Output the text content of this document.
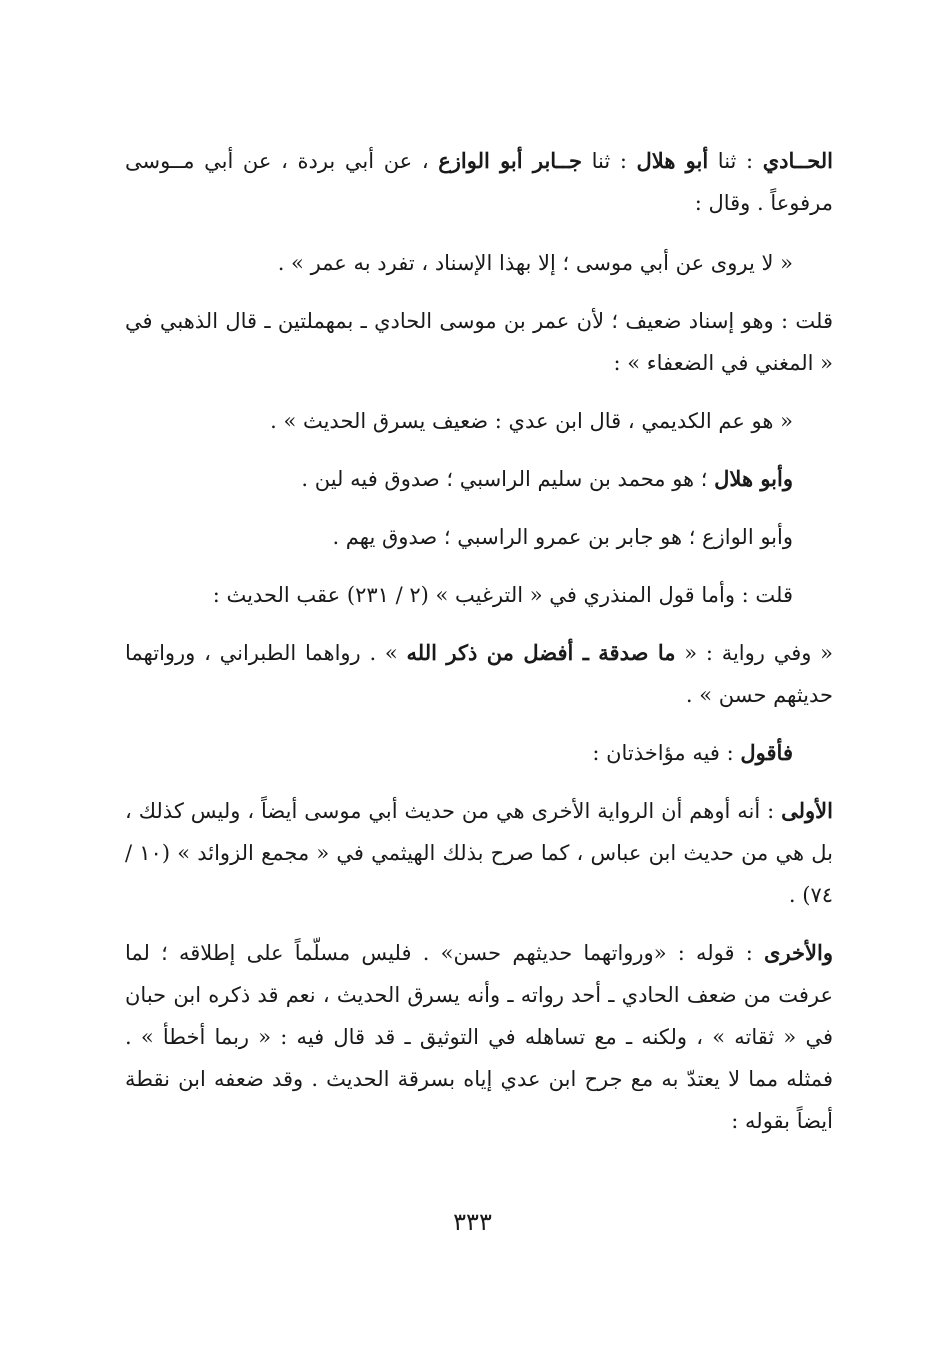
الحــادي : ثنا أبو هلال : ثنا جــابر أبو الوازع ، عن أبي بردة ، عن أبي مــوسى مرفوعاً . وقال :

« لا يروى عن أبي موسى ؛ إلا بهذا الإسناد ، تفرد به عمر » .

قلت : وهو إسناد ضعيف ؛ لأن عمر بن موسى الحادي ـ بمهملتين ـ قال الذهبي في « المغني في الضعفاء » :

« هو عم الكديمي ، قال ابن عدي : ضعيف يسرق الحديث » .

وأبو هلال ؛ هو محمد بن سليم الراسبي ؛ صدوق فيه لين .

وأبو الوازع ؛ هو جابر بن عمرو الراسبي ؛ صدوق يهم .

قلت : وأما قول المنذري في « الترغيب » (٢ / ٢٣١) عقب الحديث :

« وفي رواية : « ما صدقة ـ أفضل من ذكر الله » . رواهما الطبراني ، ورواتهما حديثهم حسن » .

فأقول : فيه مؤاخذتان :

الأولى : أنه أوهم أن الرواية الأخرى هي من حديث أبي موسى أيضاً ، وليس كذلك ، بل هي من حديث ابن عباس ، كما صرح بذلك الهيثمي في « مجمع الزوائد » (١٠ / ٧٤) .

والأخرى : قوله : «ورواتهما حديثهم حسن» . فليس مسلّماً على إطلاقه ؛ لما عرفت من ضعف الحادي ـ أحد رواته ـ وأنه يسرق الحديث ، نعم قد ذكره ابن حبان في « ثقاته » ، ولكنه ـ مع تساهله في التوثيق ـ قد قال فيه : « ربما أخطأ » . فمثله مما لا يعتدّ به مع جرح ابن عدي إياه بسرقة الحديث . وقد ضعفه ابن نقطة أيضاً بقوله :

٣٣٣
